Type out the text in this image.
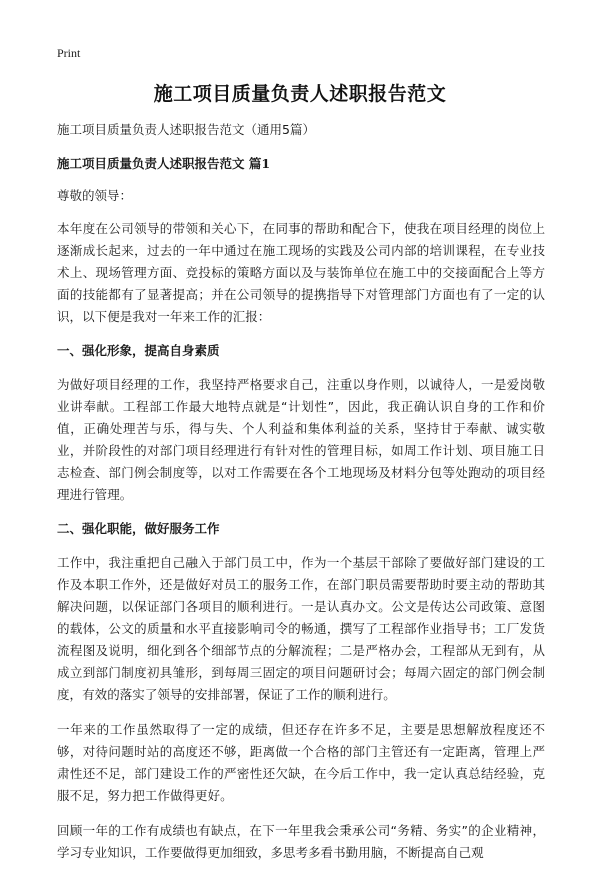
Print
施工项目质量负责人述职报告范文

施工项目质量负责人述职报告范文（通用5篇）

施工项目质量负责人述职报告范文 篇1

尊敬的领导：

本年度在公司领导的带领和关心下，在同事的帮助和配合下，使我在项目经理的岗位上逐渐成长起来，过去的一年中通过在施工现场的实践及公司内部的培训课程，在专业技术上、现场管理方面、竞投标的策略方面以及与装饰单位在施工中的交接面配合上等方面的技能都有了显著提高；并在公司领导的提携指导下对管理部门方面也有了一定的认识，以下便是我对一年来工作的汇报：

一、强化形象，提高自身素质

为做好项目经理的工作，我坚持严格要求自己，注重以身作则，以诚待人，一是爱岗敬业讲奉献。工程部工作最大地特点就是“计划性”，因此，我正确认识自身的工作和价值，正确处理苦与乐，得与失、个人利益和集体利益的关系，坚持甘于奉献、诚实敬业，并阶段性的对部门项目经理进行有针对性的管理目标，如周工作计划、项目施工日志检查、部门例会制度等，以对工作需要在各个工地现场及材料分包等处跑动的项目经理进行管理。

二、强化职能，做好服务工作

工作中，我注重把自己融入于部门员工中，作为一个基层干部除了要做好部门建设的工作及本职工作外，还是做好对员工的服务工作，在部门职员需要帮助时要主动的帮助其解决问题，以保证部门各项目的顺利进行。一是认真办文。公文是传达公司政策、意图的载体，公文的质量和水平直接影响司令的畅通，撰写了工程部作业指导书；工厂发货流程图及说明，细化到各个细部节点的分解流程；二是严格办会，工程部从无到有，从成立到部门制度初具雏形，到每周三固定的项目问题研讨会；每周六固定的部门例会制度，有效的落实了领导的安排部署，保证了工作的顺利进行。

一年来的工作虽然取得了一定的成绩，但还存在许多不足，主要是思想解放程度还不够，对待问题时站的高度还不够，距离做一个合格的部门主管还有一定距离，管理上严肃性还不足，部门建设工作的严密性还欠缺，在今后工作中，我一定认真总结经验，克服不足，努力把工作做得更好。

回顾一年的工作有成绩也有缺点，在下一年里我会秉承公司“务精、务实”的企业精神，学习专业知识，工作要做得更加细致，多思考多看书勤用脑，不断提高自己观
